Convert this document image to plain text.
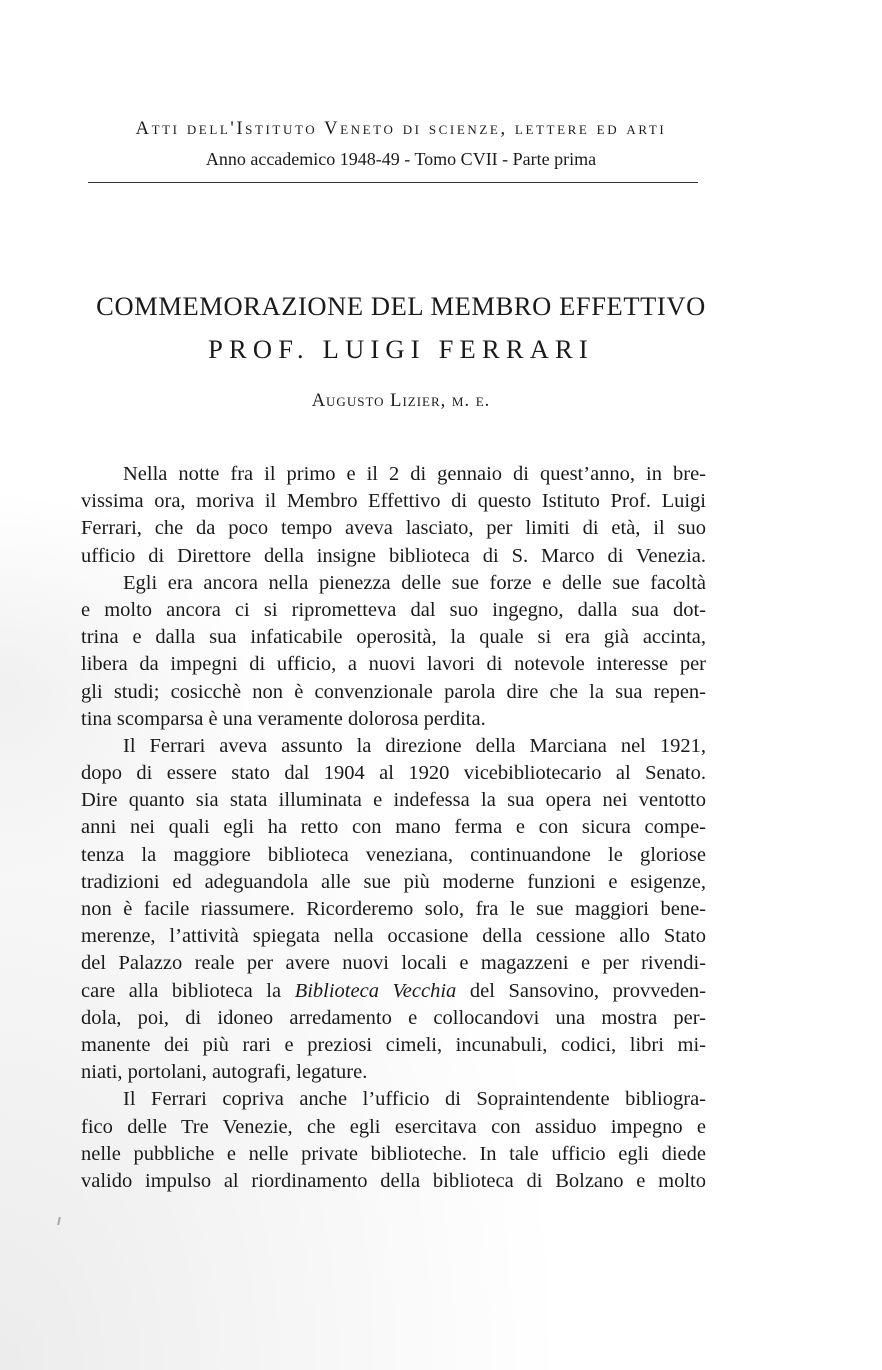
Atti dell'Istituto Veneto di scienze, lettere ed arti
Anno accademico 1948-49 - Tomo CVII - Parte prima
COMMEMORAZIONE DEL MEMBRO EFFETTIVO
PROF. LUIGI FERRARI
Augusto Lizier, m. e.
Nella notte fra il primo e il 2 di gennaio di quest’anno, in bre-
vissima ora, moriva il Membro Effettivo di questo Istituto Prof. Luigi
Ferrari, che da poco tempo aveva lasciato, per limiti di età, il suo
ufficio di Direttore della insigne biblioteca di S. Marco di Venezia.
Egli era ancora nella pienezza delle sue forze e delle sue facoltà
e molto ancora ci si riprometteva dal suo ingegno, dalla sua dot-
trina e dalla sua infaticabile operosità, la quale si era già accinta,
libera da impegni di ufficio, a nuovi lavori di notevole interesse per
gli studi; cosicchè non è convenzionale parola dire che la sua repen-
tina scomparsa è una veramente dolorosa perdita.
Il Ferrari aveva assunto la direzione della Marciana nel 1921,
dopo di essere stato dal 1904 al 1920 vicebibliotecario al Senato.
Dire quanto sia stata illuminata e indefessa la sua opera nei ventotto
anni nei quali egli ha retto con mano ferma e con sicura compe-
tenza la maggiore biblioteca veneziana, continuandone le gloriose
tradizioni ed adeguandola alle sue più moderne funzioni e esigenze,
non è facile riassumere. Ricorderemo solo, fra le sue maggiori bene-
merenze, l’attività spiegata nella occasione della cessione allo Stato
del Palazzo reale per avere nuovi locali e magazzeni e per rivendi-
care alla biblioteca la Biblioteca Vecchia del Sansovino, provveden-
dola, poi, di idoneo arredamento e collocandovi una mostra per-
manente dei più rari e preziosi cimeli, incunabuli, codici, libri mi-
niati, portolani, autografi, legature.
Il Ferrari copriva anche l’ufficio di Sopraintendente bibliogra-
fico delle Tre Venezie, che egli esercitava con assiduo impegno e
nelle pubbliche e nelle private biblioteche. In tale ufficio egli diede
valido impulso al riordinamento della biblioteca di Bolzano e molto
